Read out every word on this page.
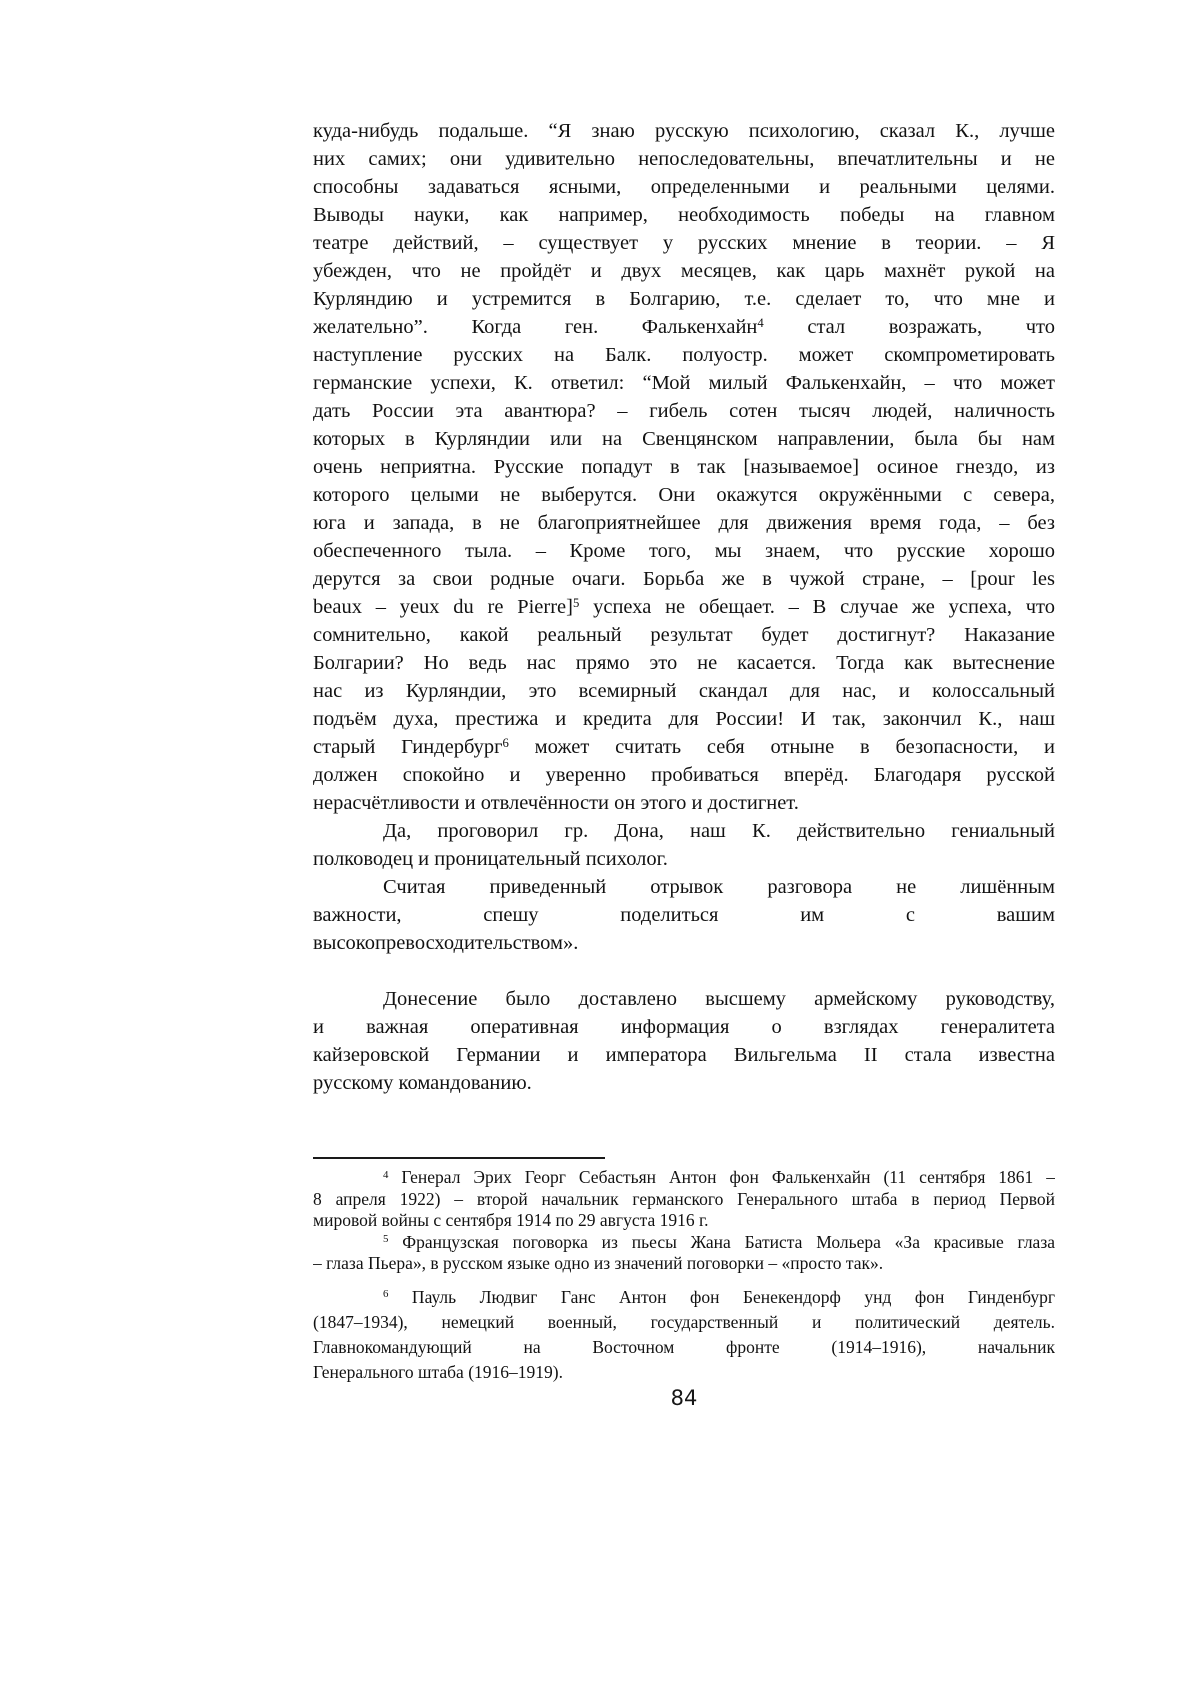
куда-нибудь подальше. “Я знаю русскую психологию, сказал К., лучше
них самих; они удивительно непоследовательны, впечатлительны и не
способны задаваться ясными, определенными и реальными целями.
Выводы науки, как например, необходимость победы на главном
театре действий, – существует у русских мнение в теории. – Я
убежден, что не пройдёт и двух месяцев, как царь махнёт рукой на
Курляндию и устремится в Болгарию, т.е. сделает то, что мне и
желательно”. Когда ген. Фалькенхайн$^4$ стал возражать, что
наступление русских на Балк. полуостр. может скомпрометировать
германские успехи, К. ответил: “Мой милый Фалькенхайн, – что может
дать России эта авантюра? – гибель сотен тысяч людей, наличность
которых в Курляндии или на Свенцянском направлении, была бы нам
очень неприятна. Русские попадут в так [называемое] осиное гнездо, из
которого целыми не выберутся. Они окажутся окружёнными с севера,
юга и запада, в не благоприятнейшее для движения время года, – без
обеспеченного тыла. – Кроме того, мы знаем, что русские хорошо
дерутся за свои родные очаги. Борьба же в чужой стране, – [pour les
beaux – yeux du re Pierre]$^5$ успеха не обещает. – В случае же успеха, что
сомнительно, какой реальный результат будет достигнут? Наказание
Болгарии? Но ведь нас прямо это не касается. Тогда как вытеснение
нас из Курляндии, это всемирный скандал для нас, и колоссальный
подъём духа, престижа и кредита для России! И так, закончил К., наш
старый Гиндербург$^6$ может считать себя отныне в безопасности, и
должен спокойно и уверенно пробиваться вперёд. Благодаря русской
нерасчётливости и отвлечённости он этого и достигнет.
Да, проговорил гр. Дона, наш К. действительно гениальный
полководец и проницательный психолог.
Считая приведенный отрывок разговора не лишённым
важности, спешу поделиться им с вашим
высокопревосходительством».
Донесение было доставлено высшему армейскому руководству,
и важная оперативная информация о взглядах генералитета
кайзеровской Германии и императора Вильгельма II стала известна
русскому командованию.
$^4$ Генерал Эрих Георг Себастьян Антон фон Фалькенхайн (11 сентября 1861 –
8 апреля 1922) – второй начальник германского Генерального штаба в период Первой
мировой войны с сентября 1914 по 29 августа 1916 г.
$^5$ Французская поговорка из пьесы Жана Батиста Мольера «За красивые глаза
– глаза Пьера», в русском языке одно из значений поговорки – «просто так».
$^6$ Пауль Людвиг Ганс Антон фон Бенекендорф унд фон Гинденбург
(1847–1934), немецкий военный, государственный и политический деятель.
Главнокомандующий на Восточном фронте (1914–1916), начальник
Генерального штаба (1916–1919).
84
